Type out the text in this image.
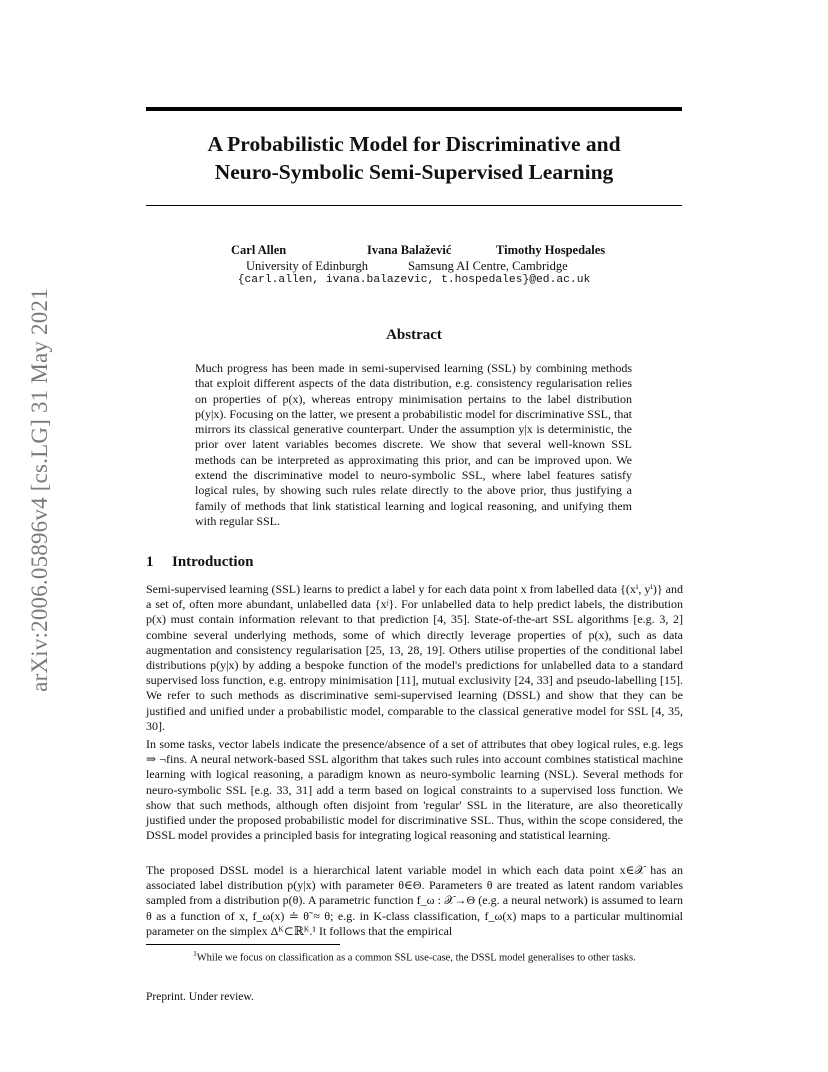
arXiv:2006.05896v4 [cs.LG] 31 May 2021
A Probabilistic Model for Discriminative and
Neuro-Symbolic Semi-Supervised Learning
Carl Allen	Ivana Balažević	Timothy Hospedales
University of Edinburgh	Samsung AI Centre, Cambridge
{carl.allen, ivana.balazevic, t.hospedales}@ed.ac.uk
Abstract
Much progress has been made in semi-supervised learning (SSL) by combining methods that exploit different aspects of the data distribution, e.g. consistency regularisation relies on properties of p(x), whereas entropy minimisation pertains to the label distribution p(y|x). Focusing on the latter, we present a probabilistic model for discriminative SSL, that mirrors its classical generative counterpart. Under the assumption y|x is deterministic, the prior over latent variables becomes discrete. We show that several well-known SSL methods can be interpreted as approximating this prior, and can be improved upon. We extend the discriminative model to neuro-symbolic SSL, where label features satisfy logical rules, by showing such rules relate directly to the above prior, thus justifying a family of methods that link statistical learning and logical reasoning, and unifying them with regular SSL.
1 Introduction
Semi-supervised learning (SSL) learns to predict a label y for each data point x from labelled data {(xⁱ, yⁱ)} and a set of, often more abundant, unlabelled data {xʲ}. For unlabelled data to help predict labels, the distribution p(x) must contain information relevant to that prediction [4, 35]. State-of-the-art SSL algorithms [e.g. 3, 2] combine several underlying methods, some of which directly leverage properties of p(x), such as data augmentation and consistency regularisation [25, 13, 28, 19]. Others utilise properties of the conditional label distributions p(y|x) by adding a bespoke function of the model's predictions for unlabelled data to a standard supervised loss function, e.g. entropy minimisation [11], mutual exclusivity [24, 33] and pseudo-labelling [15]. We refer to such methods as discriminative semi-supervised learning (DSSL) and show that they can be justified and unified under a probabilistic model, comparable to the classical generative model for SSL [4, 35, 30].
In some tasks, vector labels indicate the presence/absence of a set of attributes that obey logical rules, e.g. legs ⇒ ¬fins. A neural network-based SSL algorithm that takes such rules into account combines statistical machine learning with logical reasoning, a paradigm known as neuro-symbolic learning (NSL). Several methods for neuro-symbolic SSL [e.g. 33, 31] add a term based on logical constraints to a supervised loss function. We show that such methods, although often disjoint from 'regular' SSL in the literature, are also theoretically justified under the proposed probabilistic model for discriminative SSL. Thus, within the scope considered, the DSSL model provides a principled basis for integrating logical reasoning and statistical learning.
The proposed DSSL model is a hierarchical latent variable model in which each data point x∈𝒳 has an associated label distribution p(y|x) with parameter θ∈Θ. Parameters θ are treated as latent random variables sampled from a distribution p(θ). A parametric function f_ω : 𝒳→Θ (e.g. a neural network) is assumed to learn θ as a function of x, f_ω(x) ≐ θ̃ ≈ θ; e.g. in K-class classification, f_ω(x) maps to a particular multinomial parameter on the simplex Δᴷ⊂ℝᴷ.¹ It follows that the empirical
$^1$While we focus on classification as a common SSL use-case, the DSSL model generalises to other tasks.
Preprint. Under review.
